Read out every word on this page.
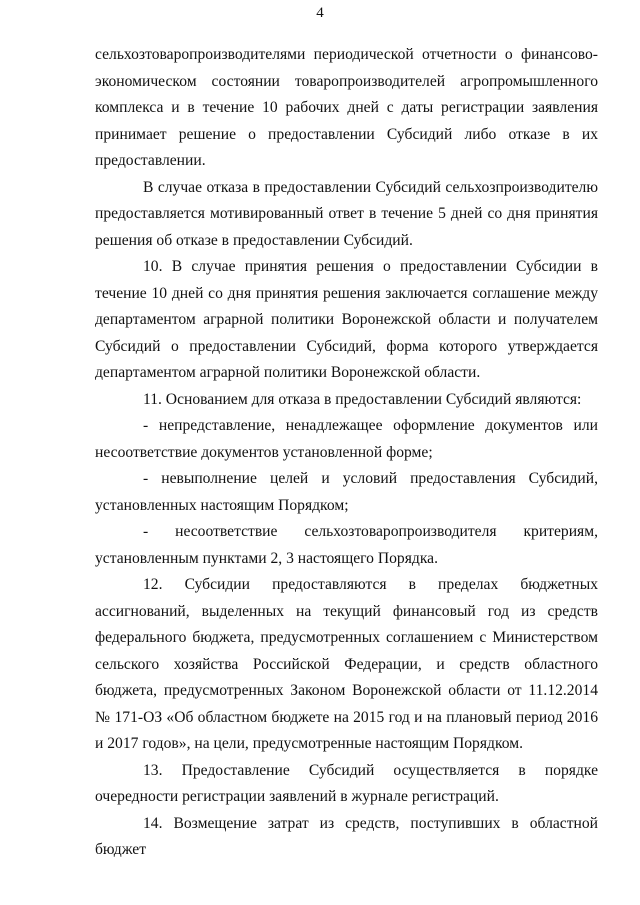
4

сельхозтоваропроизводителями периодической отчетности о финансово-экономическом состоянии товаропроизводителей агропромышленного комплекса и в течение 10 рабочих дней с даты регистрации заявления принимает решение о предоставлении Субсидий либо отказе в их предоставлении.

В случае отказа в предоставлении Субсидий сельхозпроизводителю предоставляется мотивированный ответ в течение 5 дней со дня принятия решения об отказе в предоставлении Субсидий.

10. В случае принятия решения о предоставлении Субсидии в течение 10 дней со дня принятия решения заключается соглашение между департаментом аграрной политики Воронежской области и получателем Субсидий о предоставлении Субсидий, форма которого утверждается департаментом аграрной политики Воронежской области.

11. Основанием для отказа в предоставлении Субсидий являются:

- непредставление, ненадлежащее оформление документов или несоответствие документов установленной форме;

- невыполнение целей и условий предоставления Субсидий, установленных настоящим Порядком;

- несоответствие сельхозтоваропроизводителя критериям, установленным пунктами 2, 3 настоящего Порядка.

12. Субсидии предоставляются в пределах бюджетных ассигнований, выделенных на текущий финансовый год из средств федерального бюджета, предусмотренных соглашением с Министерством сельского хозяйства Российской Федерации, и средств областного бюджета, предусмотренных Законом Воронежской области от 11.12.2014 № 171-ОЗ «Об областном бюджете на 2015 год и на плановый период 2016 и 2017 годов», на цели, предусмотренные настоящим Порядком.

13. Предоставление Субсидий осуществляется в порядке очередности регистрации заявлений в журнале регистраций.

14. Возмещение затрат из средств, поступивших в областной бюджет
